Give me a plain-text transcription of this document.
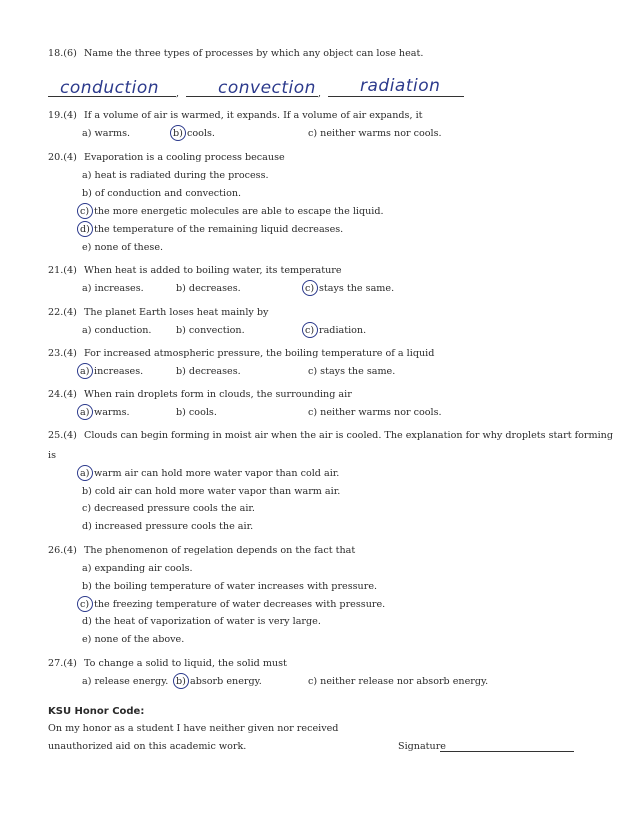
18.(6) Name the three types of processes by which any object can lose heat.
conduction , convection , radiation
19.(4) If a volume of air is warmed, it expands. If a volume of air expands, it
a) warms.	b) cools.	c) neither warms nor cools.
20.(4) Evaporation is a cooling process because
a) heat is radiated during the process.
b) of conduction and convection.
c) the more energetic molecules are able to escape the liquid.
d) the temperature of the remaining liquid decreases.
e) none of these.
21.(4) When heat is added to boiling water, its temperature
a) increases.	b) decreases.	c) stays the same.
22.(4) The planet Earth loses heat mainly by
a) conduction.	b) convection.	c) radiation.
23.(4) For increased atmospheric pressure, the boiling temperature of a liquid
a) increases.	b) decreases.	c) stays the same.
24.(4) When rain droplets form in clouds, the surrounding air
a) warms.	b) cools.	c) neither warms nor cools.
25.(4) Clouds can begin forming in moist air when the air is cooled. The explanation for why droplets start forming
is
a) warm air can hold more water vapor than cold air.
b) cold air can hold more water vapor than warm air.
c) decreased pressure cools the air.
d) increased pressure cools the air.
26.(4) The phenomenon of regelation depends on the fact that
a) expanding air cools.
b) the boiling temperature of water increases with pressure.
c) the freezing temperature of water decreases with pressure.
d) the heat of vaporization of water is very large.
e) none of the above.
27.(4) To change a solid to liquid, the solid must
a) release energy. b) absorb energy.	c) neither release nor absorb energy.
KSU Honor Code:
On my honor as a student I have neither given nor received
unauthorized aid on this academic work.	Signature
